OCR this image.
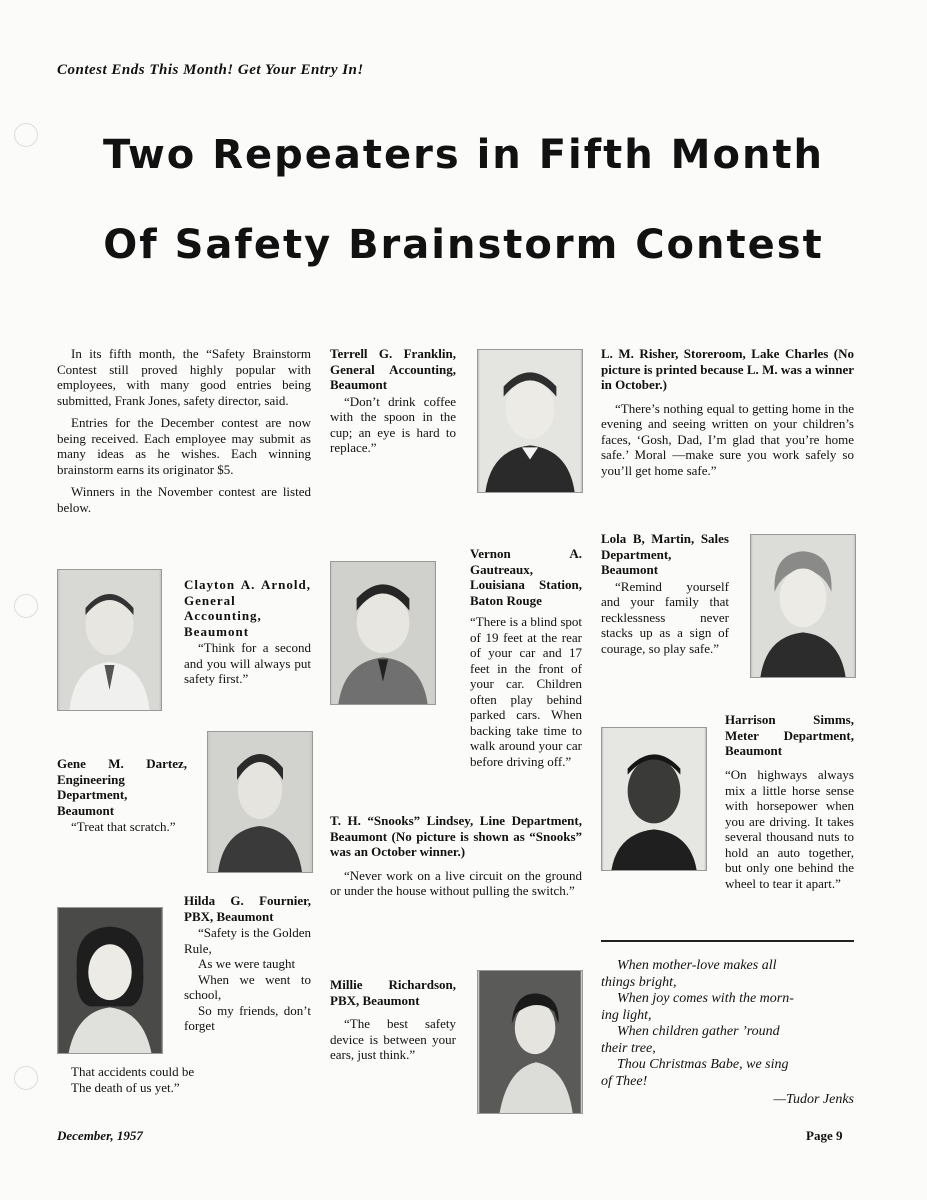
Contest Ends This Month! Get Your Entry In!
Two Repeaters in Fifth Month
Of Safety Brainstorm Contest

In its fifth month, the “Safety Brainstorm Contest still proved highly popular with employees, with many good entries being submitted, Frank Jones, safety director, said.

Entries for the December contest are now being received. Each employee may submit as many ideas as he wishes. Each winning brainstorm earns its originator $5.

Winners in the November contest are listed below.

Clayton A. Arnold, General Accounting, Beaumont
“Think for a second and you will always put safety first.”
Gene M. Dartez, Engineering Department, Beaumont
“Treat that scratch.”
Hilda G. Fournier, PBX, Beaumont
“Safety is the Golden Rule,
As we were taught
When we went to school,
So my friends, don’t forget
That accidents could be
The death of us yet.”
Terrell G. Franklin, General Accounting, Beaumont
“Don’t drink coffee with the spoon in the cup; an eye is hard to replace.”
Vernon A. Gautreaux, Louisiana Station, Baton Rouge
“There is a blind spot of 19 feet at the rear of your car and 17 feet in the front of your car. Children often play behind parked cars. When backing take time to walk around your car before driving off.”
T. H. “Snooks” Lindsey, Line Department, Beaumont (No picture is shown as “Snooks” was an October winner.)
“Never work on a live circuit on the ground or under the house without pulling the switch.”
Millie Richardson, PBX, Beaumont
“The best safety device is between your ears, just think.”
L. M. Risher, Storeroom, Lake Charles (No picture is printed because L. M. was a winner in October.)
“There’s nothing equal to getting home in the evening and seeing written on your children’s faces, ‘Gosh, Dad, I’m glad that you’re home safe.’ Moral —make sure you work safely so you’ll get home safe.”
Lola B, Martin, Sales Department, Beaumont
“Remind yourself and your family that recklessness never stacks up as a sign of courage, so play safe.”
Harrison Simms, Meter Department, Beaumont
“On highways always mix a little horse sense with horsepower when you are driving. It takes several thousand nuts to hold an auto together, but only one behind the wheel to tear it apart.”
When mother-love makes all
things bright,
When joy comes with the morn-
ing light,
When children gather ’round
their tree,
Thou Christmas Babe, we sing
of Thee!
—Tudor Jenks
December, 1957	Page 9
